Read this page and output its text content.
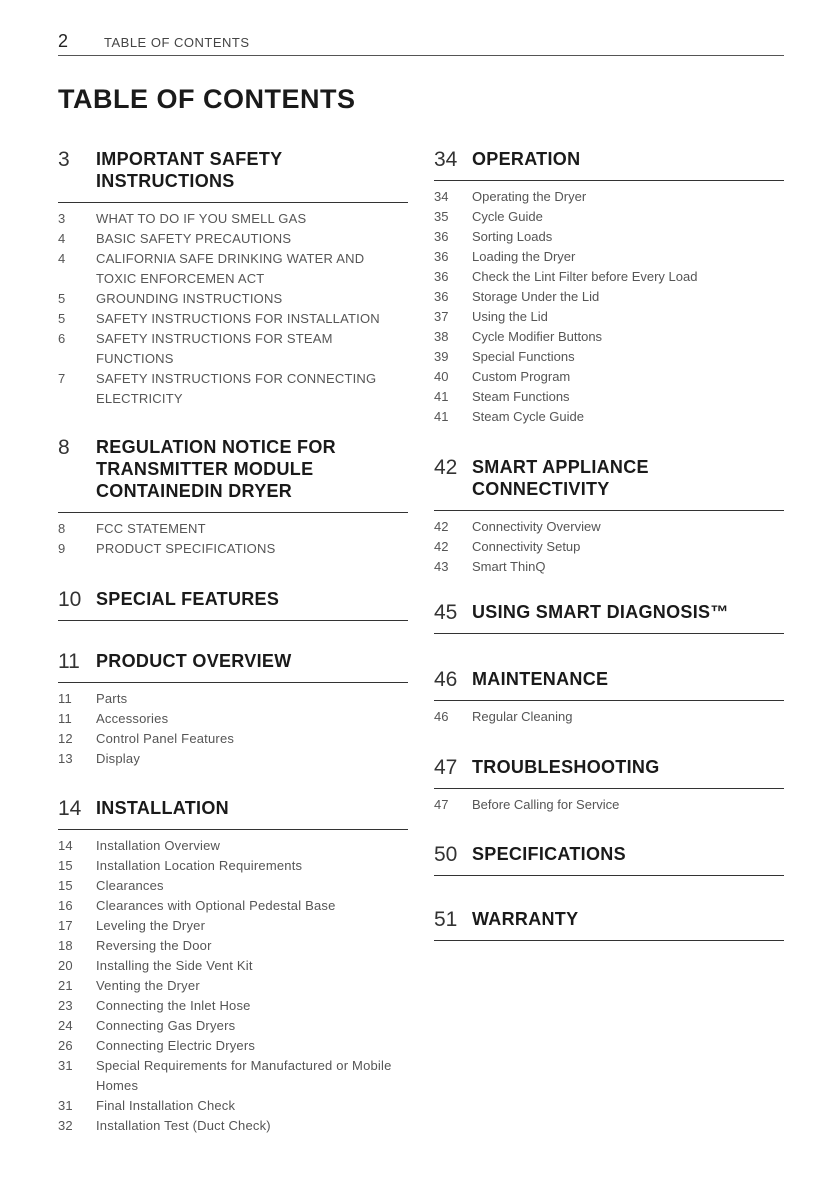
2	TABLE OF CONTENTS
TABLE OF CONTENTS
3 IMPORTANT SAFETY INSTRUCTIONS
3	WHAT TO DO IF YOU SMELL GAS
4	BASIC SAFETY PRECAUTIONS
4	CALIFORNIA SAFE DRINKING WATER AND TOXIC ENFORCEMEN ACT
5	GROUNDING INSTRUCTIONS
5	SAFETY INSTRUCTIONS FOR INSTALLATION
6	SAFETY INSTRUCTIONS FOR STEAM FUNCTIONS
7	SAFETY INSTRUCTIONS FOR CONNECTING ELECTRICITY
8 REGULATION NOTICE FOR TRANSMITTER MODULE CONTAINEDIN DRYER
8	FCC STATEMENT
9	PRODUCT SPECIFICATIONS
10 SPECIAL FEATURES
11 PRODUCT OVERVIEW
11	Parts
11	Accessories
12	Control Panel Features
13	Display
14 INSTALLATION
14	Installation Overview
15	Installation Location Requirements
15	Clearances
16	Clearances with Optional Pedestal Base
17	Leveling the Dryer
18	Reversing the Door
20	Installing the Side Vent Kit
21	Venting the Dryer
23	Connecting the Inlet Hose
24	Connecting Gas Dryers
26	Connecting Electric Dryers
31	Special Requirements for Manufactured or Mobile Homes
31	Final Installation Check
32	Installation Test (Duct Check)
34 OPERATION
34	Operating the Dryer
35	Cycle Guide
36	Sorting Loads
36	Loading the Dryer
36	Check the Lint Filter before Every Load
36	Storage Under the Lid
37	Using the Lid
38	Cycle Modifier Buttons
39	Special Functions
40	Custom Program
41	Steam Functions
41	Steam Cycle Guide
42 SMART APPLIANCE CONNECTIVITY
42	Connectivity Overview
42	Connectivity Setup
43	Smart ThinQ
45 USING SMART DIAGNOSIS™
46 MAINTENANCE
46	Regular Cleaning
47 TROUBLESHOOTING
47	Before Calling for Service
50 SPECIFICATIONS
51 WARRANTY
